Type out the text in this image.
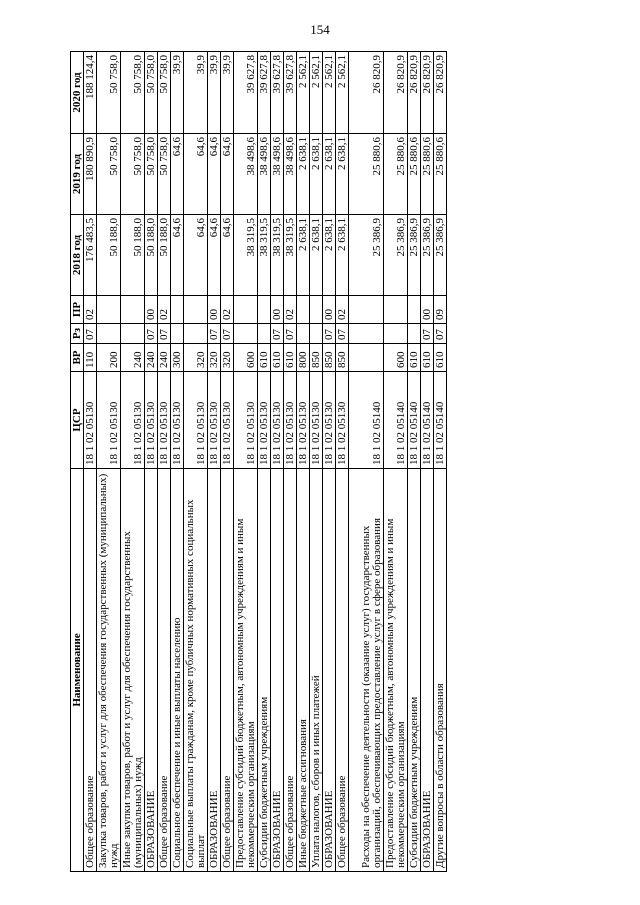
154
Наименование	ЦСР	ВР	Рз	ПР	2018 год	2019 год	2020 год
Общее образование	18 1 02 05130	110	07	02	176 483,5	180 890,9	188 124,4
Закупка товаров, работ и услуг для обеспечения государственных (муниципальных) нужд	18 1 02 05130	200			50 188,0	50 758,0	50 758,0
Иные закупки товаров, работ и услуг для обеспечения государственных (муниципальных) нужд	18 1 02 05130	240			50 188,0	50 758,0	50 758,0
ОБРАЗОВАНИЕ	18 1 02 05130	240	07	00	50 188,0	50 758,0	50 758,0
Общее образование	18 1 02 05130	240	07	02	50 188,0	50 758,0	50 758,0
Социальное обеспечение и иные выплаты населению	18 1 02 05130	300			64,6	64,6	39,9
Социальные выплаты гражданам, кроме публичных нормативных социальных выплат	18 1 02 05130	320			64,6	64,6	39,9
ОБРАЗОВАНИЕ	18 1 02 05130	320	07	00	64,6	64,6	39,9
Общее образование	18 1 02 05130	320	07	02	64,6	64,6	39,9
Предоставление субсидий бюджетным, автономным учреждениям и иным некоммерческим организациям	18 1 02 05130	600			38 319,5	38 498,6	39 627,8
Субсидии бюджетным учреждениям	18 1 02 05130	610			38 319,5	38 498,6	39 627,8
ОБРАЗОВАНИЕ	18 1 02 05130	610	07	00	38 319,5	38 498,6	39 627,8
Общее образование	18 1 02 05130	610	07	02	38 319,5	38 498,6	39 627,8
Иные бюджетные ассигнования	18 1 02 05130	800			2 638,1	2 638,1	2 562,1
Уплата налогов, сборов и иных платежей	18 1 02 05130	850			2 638,1	2 638,1	2 562,1
ОБРАЗОВАНИЕ	18 1 02 05130	850	07	00	2 638,1	2 638,1	2 562,1
Общее образование	18 1 02 05130	850	07	02	2 638,1	2 638,1	2 562,1
Расходы на обеспечение деятельности (оказание услуг) государственных организаций, обеспечивающих предоставление услуг в сфере образования	18 1 02 05140				25 386,9	25 880,6	26 820,9
Предоставление субсидий бюджетным, автономным учреждениям и иным некоммерческим организациям	18 1 02 05140	600			25 386,9	25 880,6	26 820,9
Субсидии бюджетным учреждениям	18 1 02 05140	610			25 386,9	25 880,6	26 820,9
ОБРАЗОВАНИЕ	18 1 02 05140	610	07	00	25 386,9	25 880,6	26 820,9
Другие вопросы в области образования	18 1 02 05140	610	07	09	25 386,9	25 880,6	26 820,9
